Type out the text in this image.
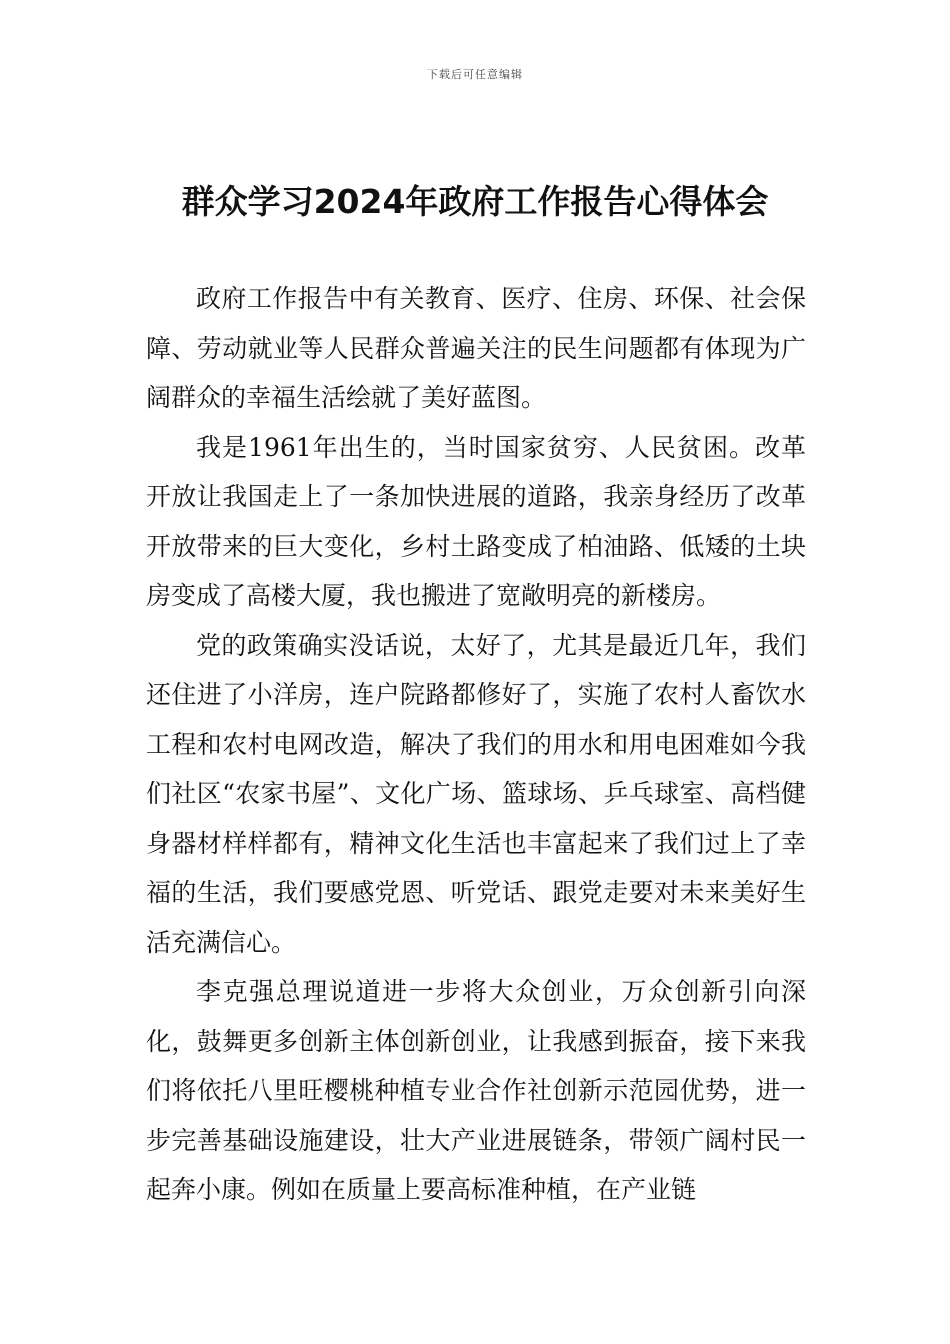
下载后可任意编辑
群众学习2024年政府工作报告心得体会

政府工作报告中有关教育、医疗、住房、环保、社会保障、劳动就业等人民群众普遍关注的民生问题都有体现为广阔群众的幸福生活绘就了美好蓝图。

我是1961年出生的，当时国家贫穷、人民贫困。改革开放让我国走上了一条加快进展的道路，我亲身经历了改革开放带来的巨大变化，乡村土路变成了柏油路、低矮的土块房变成了高楼大厦，我也搬进了宽敞明亮的新楼房。

党的政策确实没话说，太好了，尤其是最近几年，我们还住进了小洋房，连户院路都修好了，实施了农村人畜饮水工程和农村电网改造，解决了我们的用水和用电困难如今我们社区“农家书屋”、文化广场、篮球场、乒乓球室、高档健身器材样样都有，精神文化生活也丰富起来了我们过上了幸福的生活，我们要感党恩、听党话、跟党走要对未来美好生活充满信心。

李克强总理说道进一步将大众创业，万众创新引向深化，鼓舞更多创新主体创新创业，让我感到振奋，接下来我们将依托八里旺樱桃种植专业合作社创新示范园优势，进一步完善基础设施建设，壮大产业进展链条，带领广阔村民一起奔小康。例如在质量上要高标准种植，在产业链
